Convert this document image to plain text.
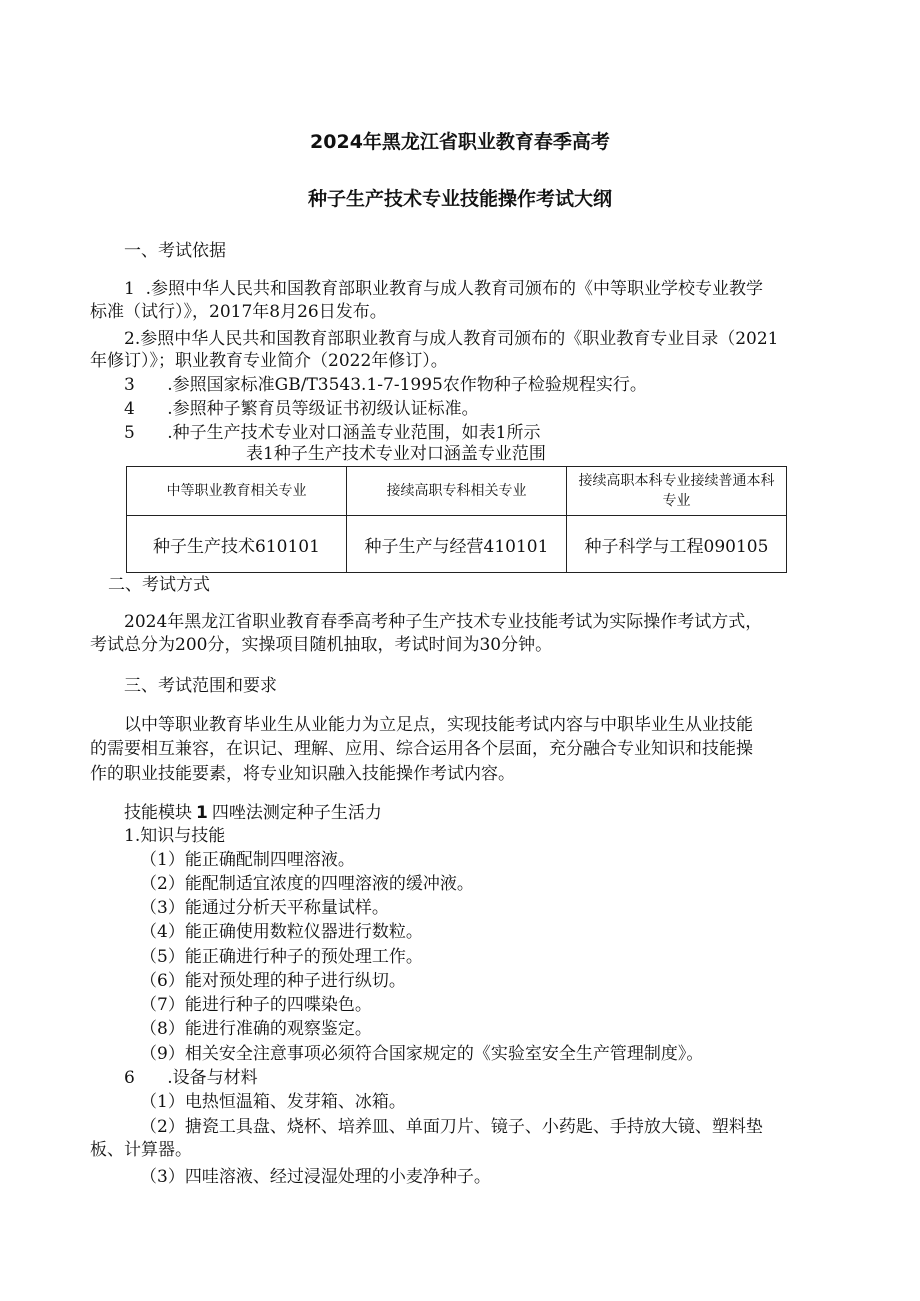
2024年黑龙江省职业教育春季高考
种子生产技术专业技能操作考试大纲
一、考试依据
1  .参照中华人民共和国教育部职业教育与成人教育司颁布的《中等职业学校专业教学
标准（试行）》，2017年8月26日发布。
2.参照中华人民共和国教育部职业教育与成人教育司颁布的《职业教育专业目录（2021
年修订）》；职业教育专业简介（2022年修订）。
3      .参照国家标准GB/T3543.1-7-1995农作物种子检验规程实行。
4      .参照种子繁育员等级证书初级认证标准。
5      .种子生产技术专业对口涵盖专业范围，如表1所示
表1种子生产技术专业对口涵盖专业范围
中等职业教育相关专业	接续高职专科相关专业	接续高职本科专业接续普通本科专业
种子生产技术610101	种子生产与经营410101	种子科学与工程090105
二、考试方式
2024年黑龙江省职业教育春季高考种子生产技术专业技能考试为实际操作考试方式，
考试总分为200分，实操项目随机抽取，考试时间为30分钟。
三、考试范围和要求
以中等职业教育毕业生从业能力为立足点，实现技能考试内容与中职毕业生从业技能
的需要相互兼容，在识记、理解、应用、综合运用各个层面，充分融合专业知识和技能操
作的职业技能要素，将专业知识融入技能操作考试内容。
技能模块 1 四唑法测定种子生活力
1.知识与技能
（1）能正确配制四哩溶液。
（2）能配制适宜浓度的四哩溶液的缓冲液。
（3）能通过分析天平称量试样。
（4）能正确使用数粒仪器进行数粒。
（5）能正确进行种子的预处理工作。
（6）能对预处理的种子进行纵切。
（7）能进行种子的四喋染色。
（8）能进行准确的观察鉴定。
（9）相关安全注意事项必须符合国家规定的《实验室安全生产管理制度》。
6      .设备与材料
（1）电热恒温箱、发芽箱、冰箱。
（2）搪瓷工具盘、烧杯、培养皿、单面刀片、镜子、小药匙、手持放大镜、塑料垫
板、计算器。
（3）四哇溶液、经过浸湿处理的小麦净种子。
